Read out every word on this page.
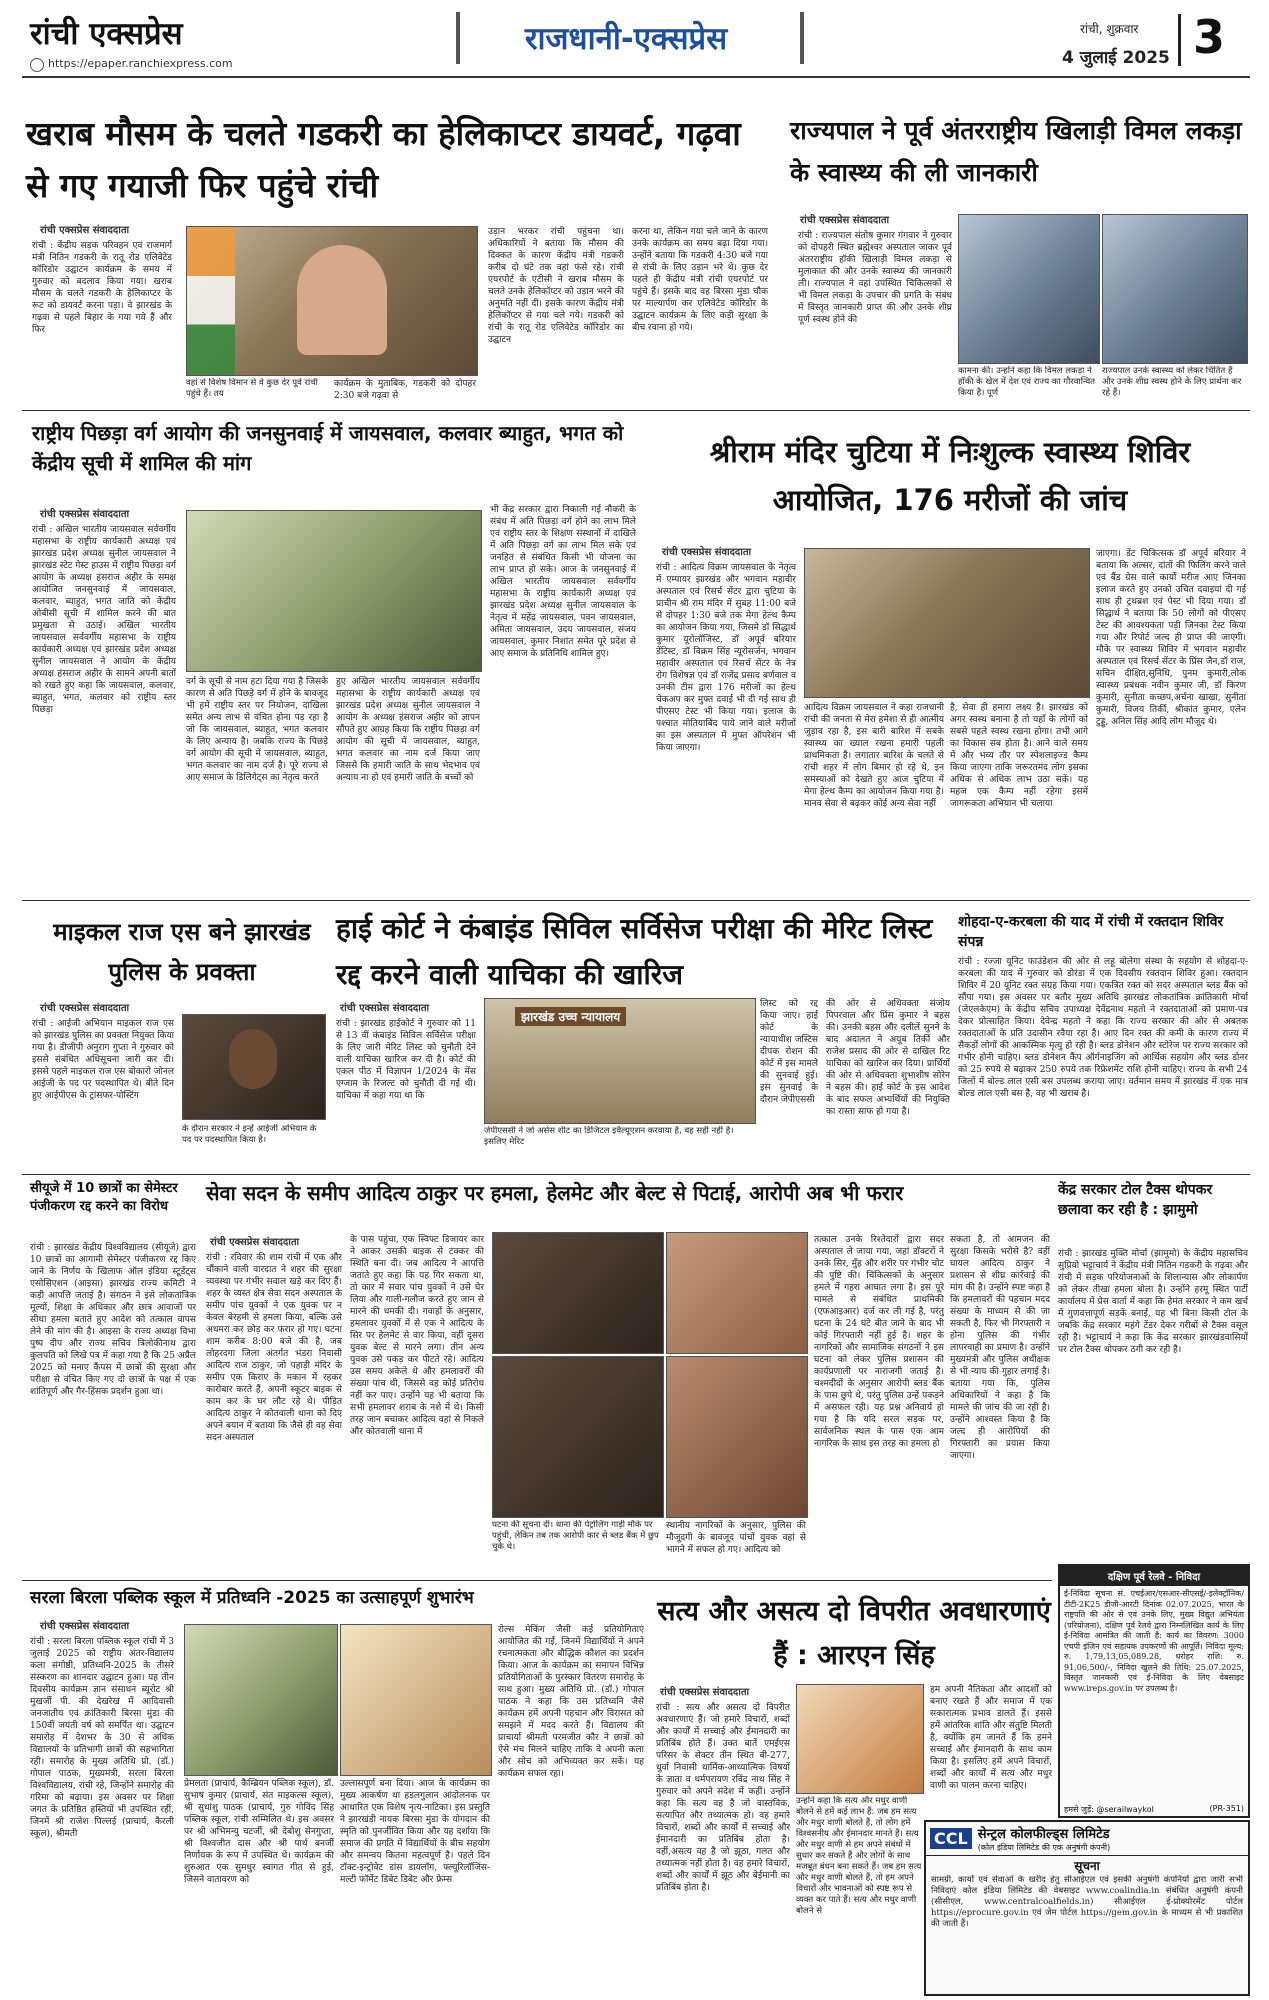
रांची एक्सप्रेस
https://epaper.ranchiexpress.com
राजधानी-एक्सप्रेस	रांची, शुक्रवार
4 जुलाई 2025 3
खराब मौसम के चलते गडकरी का हेलिकाप्टर डायवर्ट, गढ़वा से गए गयाजी फिर पहुंचे रांची
रांची एक्सप्रेस संवाददाता
रांची : केंद्रीय सड़क परिवहन एवं राजमार्ग मंत्री नितिन गडकरी के रातू रोड एलिवेटेड कॉरिडोर उद्घाटन कार्यक्रम के समय में गुरुवार को बदलाव किया गया। खराब मौसम के चलते गडकरी के हेलिकाप्टर के रूट को डायवर्ट करना पड़ा। वे झारखंड के गढ़वा से पहले बिहार के गया गये हैं और फिर
वहां से विशेष विमान से वे कुछ देर पूर्व रांची पहुंचे हैं। तय
कार्यक्रम के मुताबिक, गडकरी को दोपहर 2:30 बजे गढ़वा से
उड़ान भरकर रांची पहुंचना था। अधिकारियों ने बताया कि मौसम की दिक्कत के कारण केंद्रीय मंत्री गडकरी करीब दो घंटे तक वहां फंसे रहे। रांची एयरपोर्ट के एटीसी ने खराब मौसम के चलते उनके हेलिकॉप्टर को उड़ान भरने की अनुमति नहीं दी। इसके कारण केंद्रीय मंत्री हेलिकॉप्टर से गया चले गये। गडकरी को रांची के रातू रोड एलिवेटेड कॉरिडोर का उद्घाटन
करना था, लेकिन गया चले जाने के कारण उनके कार्यक्रम का समय बढ़ा दिया गया। उन्होंने बताया कि गडकरी 4:30 बजे गया से रांची के लिए उड़ान भरे थे। कुछ देर पहले ही केंद्रीय मंत्री रांची एयरपोर्ट पर पहुंचे हैं। इसके बाद वह बिरसा मुंडा चौक पर माल्यार्पण कर एलिवेटेड कॉरिडोर के उद्घाटन कार्यक्रम के लिए कड़ी सुरक्षा के बीच रवाना हो गये।
राज्यपाल ने पूर्व अंतरराष्ट्रीय खिलाड़ी विमल लकड़ा के स्वास्थ्य की ली जानकारी
रांची एक्सप्रेस संवाददाता
रांची : राज्यपाल संतोष कुमार गंगवार ने गुरुवार को दोपहरी स्थित ब्रह्मेश्वर अस्पताल जाकर पूर्व अंतरराष्ट्रीय हॉकी खिलाड़ी विमल लकड़ा से मुलाकात की और उनके स्वास्थ्य की जानकारी ली। राज्यपाल ने वहां उपस्थित चिकित्सकों से भी विमल लकड़ा के उपचार की प्रगति के संबंध में विस्तृत जानकारी प्राप्त की और उनके शीघ्र पूर्ण स्वस्थ होने की
कामना की। उन्होंने कहा कि विमल लकड़ा ने हॉकी के खेल में देश एवं राज्य का गौरवान्वित किया है। पूर्ण
राज्यपाल उनके स्वास्थ्य को लेकर चिंतित हैं और उनके शीघ्र स्वस्थ होने के लिए प्रार्थना कर रहे हैं।
राष्ट्रीय पिछड़ा वर्ग आयोग की जनसुनवाई में जायसवाल, कलवार ब्याहुत, भगत को केंद्रीय सूची में शामिल की मांग
रांची एक्सप्रेस संवाददाता
रांची : अखिल भारतीय जायसवाल सर्ववर्गीय महासभा के राष्ट्रीय कार्यकारी अध्यक्ष एवं झारखंड प्रदेश अध्यक्ष सुनील जायसवाल ने झारखंड स्टेट गेस्ट हाउस में राष्ट्रीय पिछड़ा वर्ग आयोग के अध्यक्ष हंसराज अहीर के समक्ष आयोजित जनसुनवाई में जायसवाल, कलवार, ब्याहुत, भगत जाति को केंद्रीय ओबीसी सूची में शामिल करने की बात प्रमुखता से उठाई। अखिल भारतीय जायसवाल सर्ववर्गीय महासभा के राष्ट्रीय कार्यकारी अध्यक्ष एवं झारखंड प्रदेश अध्यक्ष सुनील जायसवाल ने आयोग के केंद्रीय अध्यक्ष हंसराज अहीर के सामने अपनी बातों को रखते हुए कहा कि जायसवाल, कलवार, ब्याहुत, भगत, कलवार को राष्ट्रीय स्तर पिछड़ा
वर्ग के सूची से नाम हटा दिया गया है जिसके कारण से अति पिछड़े वर्ग में होने के बावजूद भी हमें राष्ट्रीय स्तर पर नियोजन, दाखिला समेत अन्य लाभ से वंचित होना पड़ रहा है जो कि जायसवाल, ब्याहुत, भगत कलवार के लिए अन्याय है। जबकि राज्य के पिछड़े वर्ग आयोग की सूची में जायसवाल, ब्याहुत, भगत कलवार का नाम दर्ज है। पूरे राज्य से आए समाज के डिलिगेट्स का नेतृत्व करते
हुए अखिल भारतीय जायसवाल सर्ववर्गीय महासभा के राष्ट्रीय कार्यकारी अध्यक्ष एवं झारखंड प्रदेश अध्यक्ष सुनील जायसवाल ने आयोग के अध्यक्ष हंसराज अहीर को ज्ञापन सौंपते हुए आग्रह किया कि राष्ट्रीय पिछड़ा वर्ग आयोग की सूची में जायसवाल, ब्याहुत, भगत कलवार का नाम दर्ज किया जाए जिससे कि हमारी जाति के साथ भेदभाव एवं अन्याय ना हो एवं हमारी जाति के बच्चों को
भी केंद्र सरकार द्वारा निकाली गई नौकरी के संबंध में अति पिछड़ा वर्ग होने का लाभ मिले एवं राष्ट्रीय स्तर के शिक्षण संस्थानों में दाखिले में अति पिछड़ा वर्ग का लाभ मिल सके एवं जनहित से संबंधित किसी भी योजना का लाभ प्राप्त हो सके। आज के जनसुनवाई में अखिल भारतीय जायसवाल सर्ववर्गीय महासभा के राष्ट्रीय कार्यकारी अध्यक्ष एवं झारखंड प्रदेश अध्यक्ष सुनील जायसवाल के नेतृत्व में महेंद्र जायसवाल, पवन जायसवाल, अमिता जायसवाल, उदय जायसवाल, संजय जायसवाल, कुमार निशांत समेत पूरे प्रदेश से आए समाज के प्रतिनिधि शामिल हुए।
श्रीराम मंदिर चुटिया में निःशुल्क स्वास्थ्य शिविर आयोजित, 176 मरीजों की जांच
रांची एक्सप्रेस संवाददाता
रांची : आदित्य विक्रम जायसवाल के नेतृत्व में एम्पायर झारखंड और भगवान महावीर अस्पताल एवं रिसर्च सेंटर द्वारा चुटिया के प्राचीन श्री राम मंदिर में सुबह 11:00 बजे से दोपहर 1:30 बजे तक मेगा हेल्थ कैम्प का आयोजन किया गया, जिसमे डॉ सिद्धार्थ कुमार यूरोलॉजिस्ट, डॉ अपूर्व बरियार डेंटिस्ट, डॉ विक्रम सिंह न्यूरोसर्जन, भगवान महावीर अस्पताल एवं रिसर्च सेंटर के नेत्र रोग विशेषज्ञ एवं डॉ राजेंद्र प्रसाद बर्णवाल व उनकी टीम द्वारा 176 मरीजों का हेल्थ चेकअप कर मुफ्त दवाई भी दी गई साथ ही पीएसए टेस्ट भी किया गया। इलाज के पश्चात मोतियाबिंद पाये जाने वाले मरीजों का इस अस्पताल में मुफ्त ऑपरेशन भी किया जाएगा।
आदित्य विक्रम जायसवाल ने कहा राजधानी रांची की जनता से मेरा हमेशा से ही आत्मीय जुड़ाव रहा है, इस बारी बारिश में सबके स्वास्थ्य का ख्याल रखना हमारी पहली प्राथमिकता है। लगातार बारिश के चलते से रांची शहर में लोग बिमार हो रहे थे, इन समस्याओं को देखते हुए आज चुटिया में मेगा हेल्थ कैम्प का आयोजन किया गया है। मानव सेवा से बढ़कर कोई अन्य सेवा नहीं
है, सेवा ही हमारा लक्ष्य है। झारखंड को अगर स्वस्थ बनाना है तो यहाँ के लोगों को सबसे पहले स्वस्थ रखना होगा। तभी आगे का विकास सब होता है। आने वाले समय में और भव्य तौर पर स्पेशलाइज्ड कैम्प किया जाएगा ताकि जरूरतमंद लोग इसका अधिक से अधिक लाभ उठा सकें। यह महज एक कैम्प नहीं रहेगा इसमें जागरूकता अभियान भी चलाया
जाएगा। डेंट चिकित्सक डॉ अपूर्व बरियार ने बताया कि अल्सर, दांतों की फिलिंग करने वाले एवं बैंड ग्रेस वाले कार्यो मरीज आए जिनका इलाज करते हुए उनको उचित दवाइयां दी गई साथ ही ट्रथब्रश एवं पेस्ट भी दिया गया। डॉ सिद्धार्थ ने बताया कि 50 लोगों को पीएसए टेस्ट की आवश्यकता पड़ी जिनका टेस्ट किया गया और रिपोर्ट जल्द ही प्राप्त की जाएगी। मौके पर स्वास्थ्य शिविर में भगवान महावीर अस्पताल एवं रिसर्च सेंटर के प्रिंस जैन,डॉ राज, सचिन दीक्षित,सुनिधि, पुनम कुमारी,लोक स्वास्थ्य प्रबंधक नवीन कुमार जी, डॉ किरण कुमारी, सुनीता कच्छप,अर्चना खाखा, सुनीता कुमारी, विजय तिर्की, श्रीकांत कुमार, एलेन टुड्डू, अनिल सिंह आदि लोग मौजूद थे।
माइकल राज एस बने झारखंड पुलिस के प्रवक्ता
रांची एक्सप्रेस संवाददाता
रांची : आईजी अभियान माइकल राज एस को झारखंड पुलिस का प्रवक्ता नियुक्त किया गया है। डीजीपी अनुराग गुप्ता ने गुरुवार को इससे संबंधित अधिसूचना जारी कर दी। इससे पहले माइकल राज एस बोकारो जोनल आईजी के पद पर पदस्थापित थे। बीते दिन हुए आईपीएस के ट्रांसफर-पोस्टिंग
के दौरान सरकार ने इन्हें आईजी अभियान के पद पर पदस्थापित किया है।
हाई कोर्ट ने कंबाइंड सिविल सर्विसेज परीक्षा की मेरिट लिस्ट रद्द करने वाली याचिका की खारिज
रांची एक्सप्रेस संवाददाता
रांची : झारखंड हाईकोर्ट ने गुरुवार को 11 से 13 वीं कंबाइंड सिविल सर्विसेज परीक्षा के लिए जारी मेरिट लिस्ट को चुनौती देने वाली याचिका खारिज कर दी है। कोर्ट की एकल पीठ में विज्ञापन 1/2024 के मेंस एग्जाम के रिजल्ट को चुनौती दी गई थी। याचिका में कहा गया था कि
झारखंड उच्च न्यायालय
जेपीएससी ने जो असेस शीट का डिजिटल इवैल्यूएशन करवाया है, वह सही नहीं है। इसलिए मेरिट
लिस्ट को रद्द किया जाए। हाई कोर्ट के न्यायाधीश जस्टिस दीपक रोशन की कोर्ट में इस मामले की सुनवाई हुई। इस सुनवाई के दौरान जेपीएससी
की ओर से अधिवक्ता संजोय पिपरवाल और प्रिंस कुमार ने बहस की। उनकी बहस और दलीलें सुनने के बाद अदालत ने अयूब तिर्की और राजेश प्रसाद की ओर से दाखिल रिट याचिका को खारिज कर दिया। प्रार्थियों की ओर से अधिवक्ता शुभाशीष सोरेन ने बहस की। हाई कोर्ट के इस आदेश के बाद सफल अभ्यर्थियों की नियुक्ति का रास्ता साफ हो गया है।
शोहदा-ए-करबला की याद में रांची में रक्तदान शिविर संपन्न
रांची : रज्जा यूनिट फाउंडेशन की ओर से लहू बोलेगा संस्था के सहयोग से शोहदा-ए-करबला की याद में गुरुवार को डोरंडा में एक दिवसीय रक्तदान शिविर हुआ। रक्तदान शिविर में 20 यूनिट रक्त संग्रह किया गया। एकत्रित रक्त को सदर अस्पताल ब्लड बैंक को सौंपा गया। इस अवसर पर बतौर मुख्य अतिथि झारखंड लोकतांत्रिक क्रांतिकारी मोर्चा (जेएलकेएम) के केंद्रीय सचिव उपाध्यक्ष देवेंद्रनाथ महतो ने रक्तदाताओं को प्रमाण-पत्र देकर प्रोत्साहित किया। देवेन्द्र महतो ने कहा कि राज्य सरकार की ओर से अबतक रक्तदाताओं के प्रति उदासीन रवैया रहा है। आए दिन रक्त की कमी के कारण राज्य में सैकड़ों लोगों की आकस्मिक मृत्यु हो रही है। ब्लड डोनेशन और स्टोरेज पर राज्य सरकार को गंभीर होनी चाहिए। ब्लड डोनेशन कैंप ऑर्गनाइजिंग को आर्थिक सहयोग और ब्लड डोनर को 25 रुपये से बढ़ाकर 250 रुपये तक रिफ्रेशमेंट राशि होनी चाहिए। राज्य के सभी 24 जिलों में बोल्ड लाल एसी बस उपलब्ध कराया जाए। वर्तमान समय में झारखंड में एक मात्र बोल्ड लाल एसी बस है, वह भी खराब है।
सीयूजे में 10 छात्रों का सेमेस्टर पंजीकरण रद्द करने का विरोध
रांची : झारखंड केंद्रीय विश्वविद्यालय (सीयूजे) द्वारा 10 छात्रों का आगामी सेमेस्टर पंजीकरण रद्द किए जाने के निर्णय के खिलाफ ऑल इंडिया स्टूडेंट्स एसोसिएशन (आइसा) झारखंड राज्य कमिटी ने कड़ी आपत्ति जताई है। संगठन ने इसे लोकतांत्रिक मूल्यों, शिक्षा के अधिकार और छात्र आवाजों पर सीधा हमला बताते हुए आदेश को तत्काल वापस लेने की मांग की है। आइसा के राज्य अध्यक्ष विभा पुष्प दीप और राज्य सचिव त्रिलोकीनाथ द्वारा कुलपति को लिखे पत्र में कहा गया है कि 25 अप्रैल 2025 को मनाए कैंपस में छात्रों की सुरक्षा और परीक्षा से वंचित किए गए दो छात्रों के पक्ष में एक शांतिपूर्ण और गैर-हिंसक प्रदर्शन हुआ था।
सेवा सदन के समीप आदित्य ठाकुर पर हमला, हेलमेट और बेल्ट से पिटाई, आरोपी अब भी फरार
रांची एक्सप्रेस संवाददाता
रांची : रविवार की शाम रांची में एक और चौंकाने वाली वारदात ने शहर की सुरक्षा व्यवस्था पर गंभीर सवाल खड़े कर दिए हैं। शहर के व्यस्त क्षेत्र सेवा सदन अस्पताल के समीप पांच युवकों ने एक युवक पर न केवल बेरहमी से हमला किया, बल्कि उसे अधमरा कर छोड़ कर फरार हो गए। घटना शाम करीब 8:00 बजे की है, जब लोहरदगा जिला अंतर्गत भंडरा निवासी आदित्य राज ठाकुर, जो पहाड़ी मंदिर के समीप एक किराए के मकान में रहकर कारोबार करते हैं, अपनी स्कूटर बाइक से काम कर के घर लौट रहे थे। पीड़ित आदित्य ठाकुर ने कोतवाली थाना को दिए अपने बयान में बताया कि जैसे ही वह सेवा सदन अस्पताल
के पास पहुंचा, एक स्विफ्ट डिजायर कार ने आकर उसकी बाइक से टक्कर की स्थिति बना दी। जब आदित्य ने आपत्ति जताते हुए कहा कि यह गिर सकता था, तो कार में सवार पांच युवकों ने उसे घेर लिया और गाली-गलौज करते हुए जान से मारने की धमकी दी। गवाहों के अनुसार, हमलावर युवकों में से एक ने आदित्य के सिर पर हेलमेट से वार किया, वहीं दूसरा युवक बेल्ट से मारने लगा। तीन अन्य युवक उसे पकड़ कर पीटते रहे। आदित्य उस समय अकेले थे और हमलावरों की संख्या पांच थी, जिससे वह कोई प्रतिरोध नहीं कर पाए। उन्होंने यह भी बताया कि सभी हमलावर शराब के नशे में थे। किसी तरह जान बचाकर आदित्य वहां से निकले और कोतवाली थाना में
घटना की सूचना दी। थाना की पेट्रोलिंग गाड़ी मौके पर पहुंची, लेकिन तब तक आरोपी कार से ब्लड बैंक में छुप चुके थे।
स्थानीय नागरिकों के अनुसार, पुलिस की मौजूदगी के बावजूद पांचों युवक वहां से भागने में सफल हो गए। आदित्य को
तत्काल उनके रिश्तेदारों द्वारा सदर अस्पताल ले जाया गया, जहां डॉक्टरों ने उनके सिर, मुँह और शरीर पर गंभीर चोट की पुष्टि की। चिकित्सकों के अनुसार हमले में गहरा आघात लगा है। इस पूरे मामले से संबंधित प्राथमिकी (एफआइआर) दर्ज कर ली गई है, परंतु घटना के 24 घंटे बीत जाने के बाद भी कोई गिरफ्तारी नहीं हुई है। शहर के नागरिकों और सामाजिक संगठनों ने इस घटना को लेकर पुलिस प्रशासन की कार्यप्रणाली पर नाराजगी जताई है। चश्मदीदों के अनुसार आरोपी ब्लड बैंक के पास छुपे थे, परंतु पुलिस उन्हें पकड़ने में असफल रही। यह प्रश्न अनिवार्य हो गया है कि यदि सरल सड़क पर, सार्वजनिक स्थल के पास एक आम नागरिक के साथ इस तरह का हमला हो
सकता है, तो आमजन की सुरक्षा किसके भरोसे है? वहीं घायल आदित्य ठाकुर ने प्रशासन से शीघ्र कार्रवाई की मांग की है। उन्होंने स्पष्ट कहा है कि हमलावरों की पहचान मदद संख्या के माध्यम से की जा सकती है, फिर भी गिरफ्तारी न होना पुलिस की गंभीर लापरवाही का प्रमाण है। उन्होंने मुख्यमंत्री और पुलिस अधीक्षक से भी न्याय की गुहार लगाई है। बताया गया कि, पुलिस अधिकारियों ने कहा है कि मामले की जांच की जा रही है। उन्होंने आश्वस्त किया है कि जल्द ही आरोपियों की गिरफ्तारी का प्रयास किया जाएगा।
केंद्र सरकार टोल टैक्स थोपकर छलावा कर रही है : झामुमो
रांची : झारखंड मुक्ति मोर्चा (झामुमो) के केंद्रीय महासचिव सुप्रियो भट्टाचार्य ने केंद्रीय मंत्री नितिन गडकरी के गढ़वा और रांची में सड़क परियोजनाओं के शिलान्यास और लोकार्पण को लेकर तीखा हमला बोला है। उन्होंने हरमू स्थित पार्टी कार्यालय में प्रेस वार्ता में कहा कि हेमंत सरकार ने कम खर्च में गुणवत्तापूर्ण सड़कें बनाई, यह भी बिना किसी टोल के जबकि केंद्र सरकार महंगे टेंडर देकर गरीबों से टैक्स वसूल रही है। भट्टाचार्य ने कहा कि केंद्र सरकार झारखंडवासियों पर टोल टैक्स थोपकर ठगी कर रही है।
सरला बिरला पब्लिक स्कूल में प्रतिध्वनि -2025 का उत्साहपूर्ण शुभारंभ
रांची एक्सप्रेस संवाददाता
रांची : सरला बिरला पब्लिक स्कूल रांची में 3 जुलाई 2025 को राष्ट्रीय अंतर-विद्यालय कला संगोष्ठी, प्रतिध्वनि-2025 के तीसरे संस्करण का शानदार उद्घाटन हुआ। यह तीन दिवसीय कार्यक्रम ज्ञान संसाधन ब्यूरोट श्री मुखर्जी पी. की देखरेख में आदिवासी जनजातीय एवं क्रांतिकारी बिरसा मुंडा की 150वीं जयंती वर्ष को समर्पित था। उद्घाटन समारोह में देशभर के 30 से अधिक विद्यालयों के प्रतिभागी छात्रों की सहभागिता रही। समारोह के मुख्य अतिथि प्रो. (डॉ.) गोपाल पाठक, मुख्यमंत्री, सरला बिरला विश्वविद्यालय, रांची रहे, जिन्होंने समारोह की गरिमा को बढ़ाया। इस अवसर पर शिक्षा जगत के प्रतिष्ठित हस्तियों भी उपस्थित रहीं, जिनमें श्री राजेश पिल्लई (प्राचार्य, कैरली स्कूल), श्रीमती
प्रेमलता (प्राचार्य, कैम्ब्रियन पब्लिक स्कूल), डॉ. सुभाष कुमार (प्राचार्य, संत माइकल्स स्कूल), श्री सुधांशु पाठक (प्राचार्य, गुरु गोविंद सिंह पब्लिक स्कूल, रांची सम्मिलित थे। इस अवसर पर श्री अभिमन्यु चटर्जी, श्री देबोशु सेनगुप्ता, श्री विश्वजीत दास और श्री पार्थ बनर्जी निर्णायक के रूप में उपस्थित थे। कार्यक्रम की शुरुआत एक सुमधुर स्वागत गीत से हुई, जिसने वातावरण को
उल्लासपूर्ण बना दिया। आज के कार्यक्रम का मुख्य आकर्षण था हडलगुलान आंदोलनक पर आधारित एक विशेष नृत्य-नाटिका। इस प्रस्तुति ने झारखंडी नायक बिरसा मुंडा के योगदान की स्मृति को पुनर्जीवित किया और यह दर्शाया कि समाज की प्रगति में विद्यार्थियों के बीच सहयोग और समन्वय कितना महत्वपूर्ण है। पहले दिन टॉक्ट-इन्ट्रोवेट डांस डायलॉग, फ्ल्यूरिलॉजिंस- मल्टी फॉर्मेट डिबेट डिबेट और फ्रेम्स
रोल्स मेकिंग जैसी कई प्रतियोगिताएं आयोजित की गईं, जिनमें विद्यार्थियों ने अपने रचनात्मकता और बौद्धिक कौशल का प्रदर्शन किया। आज के कार्यक्रम का समापन विभिन्न प्रतियोगिताओं के पुरस्कार वितरण समारोह के साथ हुआ। मुख्य अतिथि प्रो. (डॉ.) गोपाल पाठक ने कहा कि उस प्रतिध्वनि जैसे कार्यक्रम हमें अपनी पहचान और विरासत को समझने में मदद करते हैं। विद्यालय की प्राचार्या श्रीमती परमजीत कौर ने छात्रों को ऐसे मंच मिलने चाहिए ताकि वे अपनी कला और सोच को अभिव्यक्त कर सकें। यह कार्यक्रम सफल रहा।
सत्य और असत्य दो विपरीत अवधारणाएं हैं : आरएन सिंह
रांची एक्सप्रेस संवाददाता
रांची : सत्य और असत्य दो विपरीत अवधारणाएं हैं। जो हमारे विचारों, शब्दों और कार्यों में सच्चाई और ईमानदारी का प्रतिबिंब होते हैं। उक्त बातें एमईएस परिसर के सेक्टर तीन स्थित बी-277, धुर्वा निवासी धार्मिक-आध्यात्मिक विषयों के ज्ञाता व धर्मपरायण रविंद्र नाथ सिंह ने गुरुवार को अपने संदेश में कहीं। उन्होंने कहा कि सत्य वह है जो वास्तविक, सत्यापित और तथ्यात्मक हो। वह हमारे विचारों, शब्दों और कार्यों में सच्चाई और ईमानदारी का प्रतिबिंब होता है। वहीं,असत्य वह है जो झूठा, गलत और तथ्यात्मक नहीं होता है। वह हमारे विचारों, शब्दों और कार्यों में झूठ और बेईमानी का प्रतिबिंब होता है।
उन्होंने कहा कि सत्य और मधुर वाणी बोलने से हमें कई लाभ हैं: जब हम सत्य और मधुर वाणी बोलते हैं, तो लोग हमें विश्वसनीय और ईमानदार मानते हैं। सत्य और मधुर वाणी से हम अपने संबंधों में सुधार कर सकते हैं और लोगों के साथ मजबूत बंधन बना सकते हैं। जब हम सत्य और मधुर वाणी बोलते हैं, तो हम अपने विचारों और भावनाओं को स्पष्ट रूप से व्यक्त कर पाते हैं। सत्य और मधुर वाणी बोलने से
हम अपनी नैतिकता और आदर्शों को बनाए रखते हैं और समाज में एक सकारात्मक प्रभाव डालते हैं। इससे हमें आंतरिक शांति और संतुष्टि मिलती है, क्योंकि हम जानते हैं कि हमने सच्चाई और ईमानदारी के साथ काम किया है। इसलिए हमें अपने विचारों, शब्दों और कार्यों में सत्य और मधुर वाणी का पालन करना चाहिए।
दक्षिण पूर्व रेलवे - निविदा
ई-निविदा सूचना सं. एचईआर/एसआर-सीएसई/-इलेक्ट्रॉनिक/ टीटी-2K25 डीजी-आरटी दिनांक 02.07.2025, भारत के राष्ट्रपति की ओर से एवं उनके लिए, मुख्य विद्युत अभियंता (परियोजना), दक्षिण पूर्व रेलवे द्वारा निम्नलिखित कार्य के लिए ई-निविदा आमंत्रित की जाती है: कार्य का विवरण: 3000 एचपी इंजिन एवं सहायक उपकरणों की आपूर्ति। निविदा मूल्य: रु. 1,79,13,05,089.28, धरोहर राशि: रु. 91,06,500/-, निविदा खुलने की तिथि: 25.07.2025, विस्तृत जानकारी एवं ई-निविदा के लिए वेबसाइट www.ireps.gov.in पर उपलब्ध है।
हमसे जुड़ें: @serailwaykol	(PR-351)
CCL सेन्ट्रल कोलफील्ड्स लिमिटेड
(कोल इंडिया लिमिटेड की एक अनुषंगी कंपनी)
सूचना
सामग्री, कार्यों एवं सेवाओं के खरीद हेतु सीआईएल एवं इसकी अनुषंगी कंपनियों द्वारा जारी सभी निविदाएं कोल इंडिया लिमिटेड की वेबसाइट www.coalindia.in संबंधित अनुषंगी कंपनी (सीसीएल, www.centralcoalfields.in) सीआईएल ई-प्रोक्योरमेंट पोर्टल https://eprocure.gov.in एवं जेम पोर्टल https://gem.gov.in के माध्यम से भी प्रकाशित की जाती हैं।
